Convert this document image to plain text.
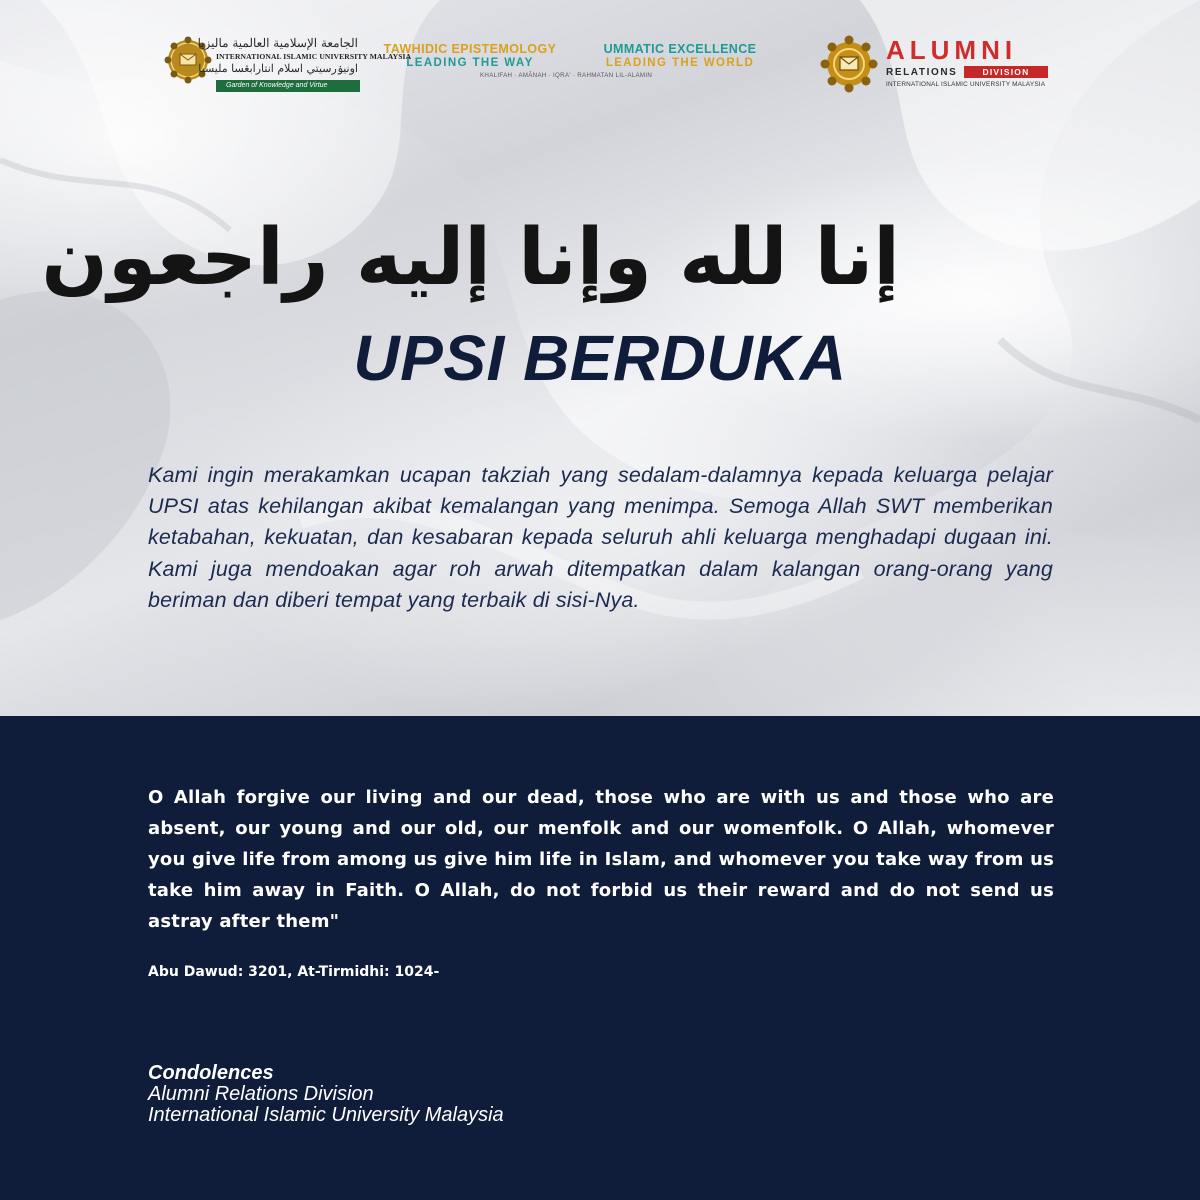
الجامعة الإسلامية العالمية ماليزيا
INTERNATIONAL ISLAMIC UNIVERSITY MALAYSIA
اونيۏرسيتي اسلام انتارابڠسا مليسيا
Garden of Knowledge and Virtue
TAWHIDIC EPISTEMOLOGY
LEADING THE WAY
UMMATIC EXCELLENCE
LEADING THE WORLD
KHALIFAH · AMĀNAH · IQRA' · RAHMATAN LIL-ALAMIN
ALUMNI
RELATIONS	DIVISION
INTERNATIONAL ISLAMIC UNIVERSITY MALAYSIA
إنا لله وإنا إليه راجعون
UPSI BERDUKA

Kami ingin merakamkan ucapan takziah yang sedalam-dalamnya kepada keluarga pelajar UPSI atas kehilangan akibat kemalangan yang menimpa. Semoga Allah SWT memberikan ketabahan, kekuatan, dan kesabaran kepada seluruh ahli keluarga menghadapi dugaan ini. Kami juga mendoakan agar roh arwah ditempatkan dalam kalangan orang-orang yang beriman dan diberi tempat yang terbaik di sisi-Nya.

O Allah forgive our living and our dead, those who are with us and those who are absent, our young and our old, our menfolk and our womenfolk. O Allah, whomever you give life from among us give him life in Islam, and whomever you take way from us take him away in Faith. O Allah, do not forbid us their reward and do not send us astray after them"

Abu Dawud: 3201, At-Tirmidhi: 1024-
Condolences
Alumni Relations Division
International Islamic University Malaysia
